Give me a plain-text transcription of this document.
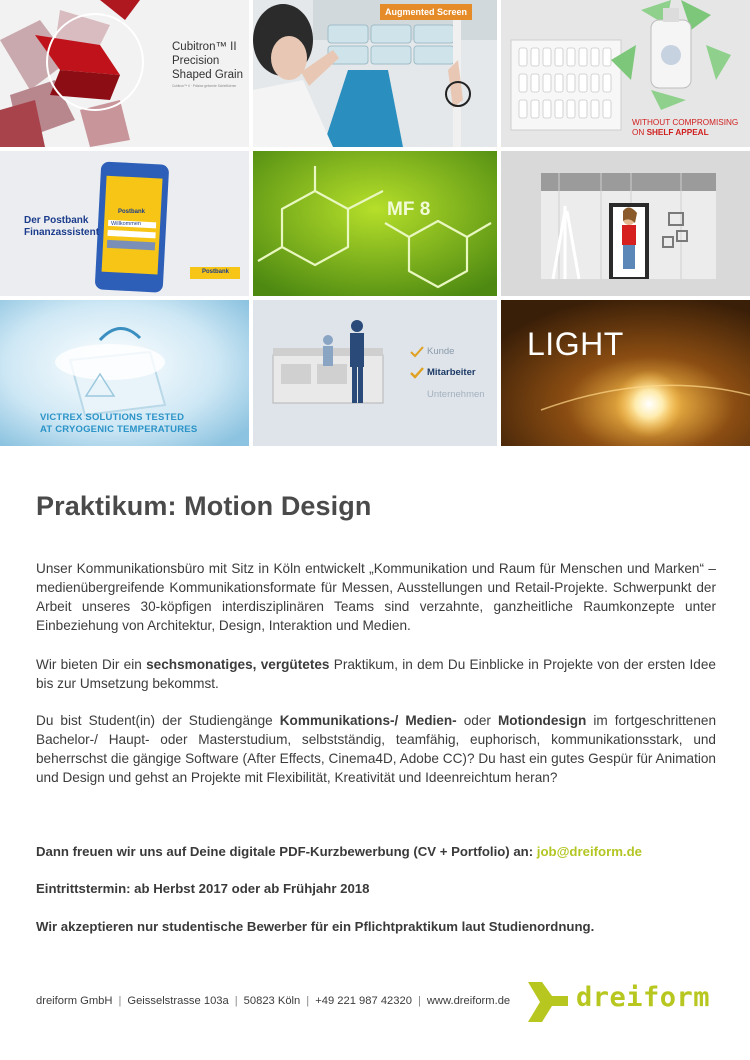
Cubitron™ II
Precision
Shaped Grain
Cubitron™ II · Präzise geformte Schleifkörner
Augmented Screen
WITHOUT COMPROMISING
ON SHELF APPEAL
Der Postbank
Finanzassistent
Postbank
Willkommen
Postbank
MF 8
VICTREX SOLUTIONS TESTED
AT CRYOGENIC TEMPERATURES
Kunde
Mitarbeiter
Unternehmen
LIGHT
Praktikum: Motion Design

Unser Kommunikationsbüro mit Sitz in Köln entwickelt „Kommunikation und Raum für Menschen und Marken“ – medienübergreifende Kommunikationsformate für Messen, Ausstellungen und Retail-Projekte. Schwerpunkt der Arbeit unseres 30-köpfigen interdisziplinären Teams sind verzahnte, ganzheitliche Raumkonzepte unter Einbeziehung von Architektur, Design, Interaktion und Medien.

Wir bieten Dir ein sechsmonatiges, vergütetes Praktikum, in dem Du Einblicke in Projekte von der ersten Idee bis zur Umsetzung bekommst.

Du bist Student(in) der Studiengänge Kommunikations-/ Medien- oder Motiondesign im fortgeschrittenen Bachelor-/ Haupt- oder Masterstudium, selbstständig, teamfähig, euphorisch, kommunikationsstark, und beherrschst die gängige Software (After Effects, Cinema4D, Adobe CC)? Du hast ein gutes Gespür für Animation und Design und gehst an Projekte mit Flexibilität, Kreativität und Ideenreichtum heran?

Dann freuen wir uns auf Deine digitale PDF-Kurzbewerbung (CV + Portfolio) an: job@dreiform.de
Eintrittstermin: ab Herbst 2017 oder ab Frühjahr 2018
Wir akzeptieren nur studentische Bewerber für ein Pflichtpraktikum laut Studienordnung.
dreiform GmbH | Geisselstrasse 103a | 50823 Köln | +49 221 987 42320 | www.dreiform.de dreiform
